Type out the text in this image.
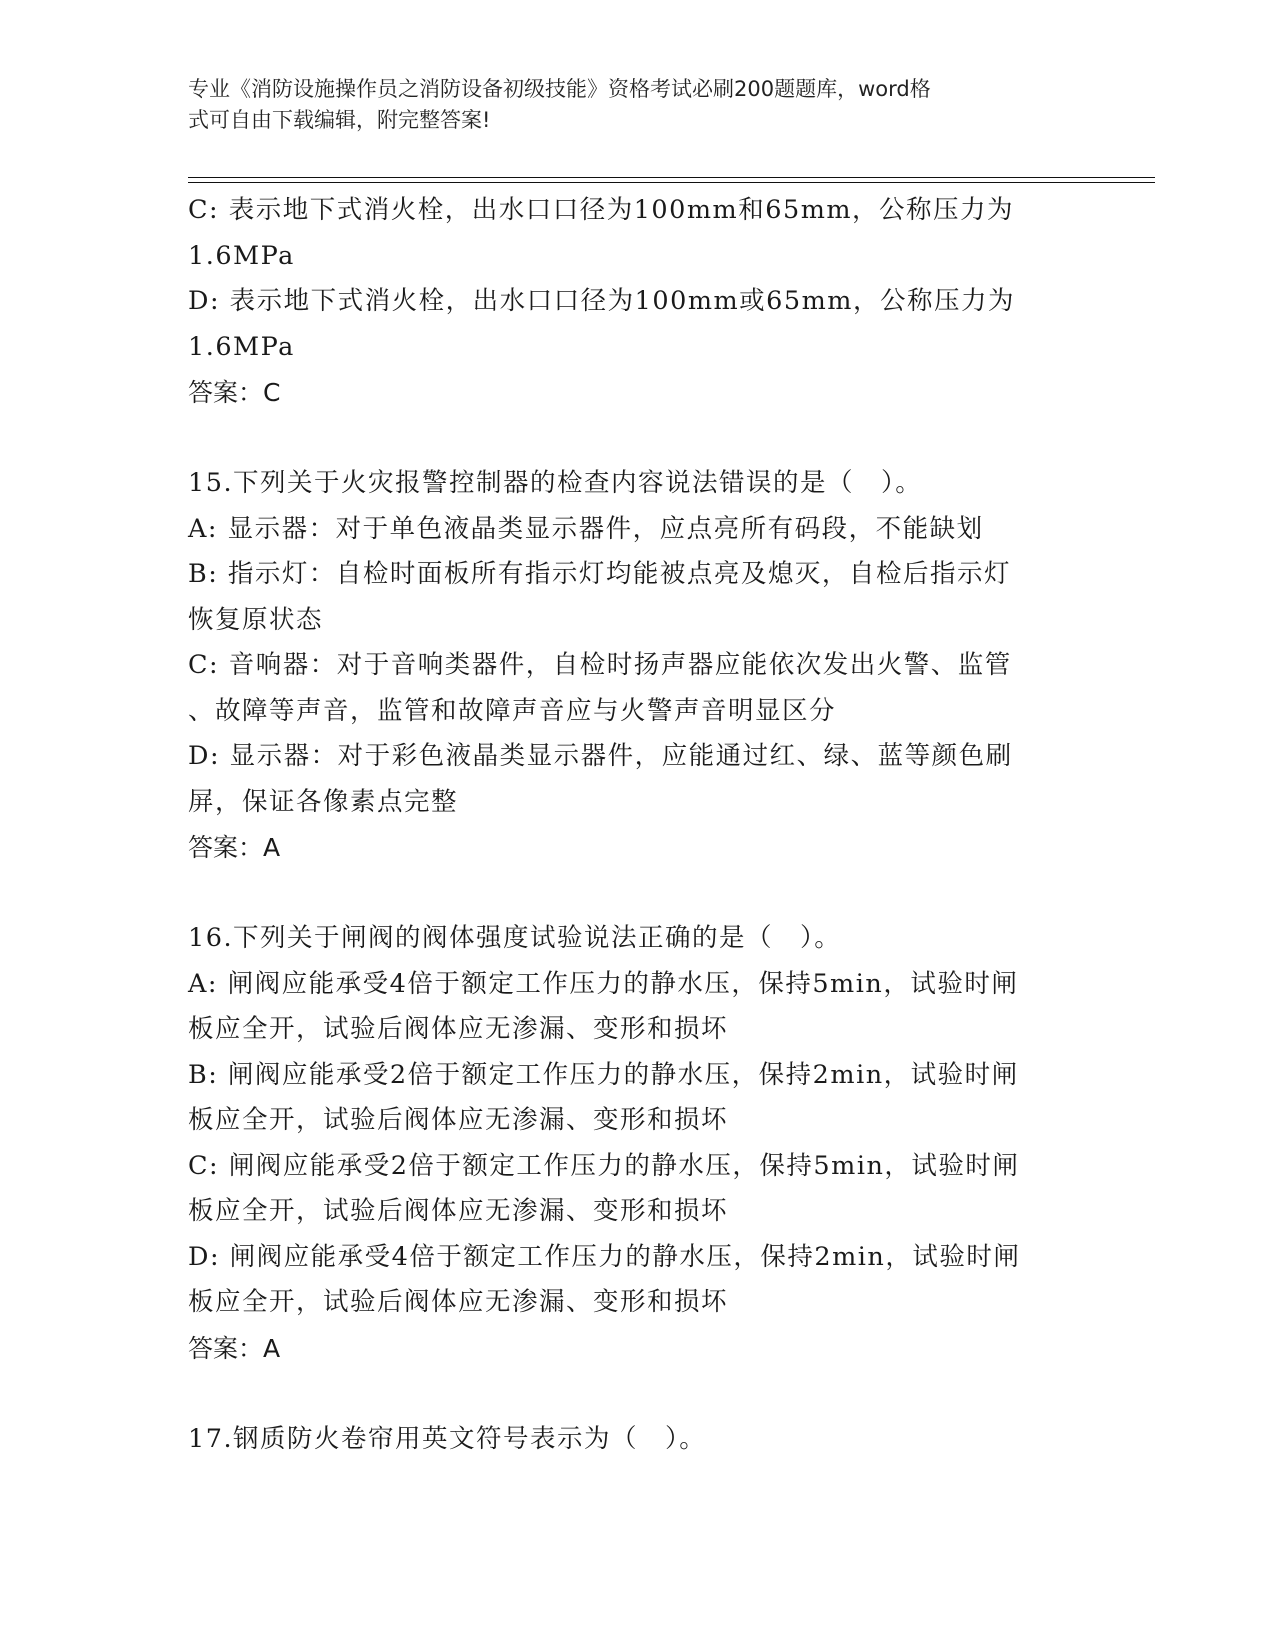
专业《消防设施操作员之消防设备初级技能》资格考试必刷200题题库，word格
式可自由下载编辑，附完整答案!

C: 表示地下式消火栓，出水口口径为100mm和65mm，公称压力为

1.6MPa

D: 表示地下式消火栓，出水口口径为100mm或65mm，公称压力为

1.6MPa

答案：C

15.下列关于火灾报警控制器的检查内容说法错误的是（　）。

A: 显示器：对于单色液晶类显示器件，应点亮所有码段，不能缺划

B: 指示灯：自检时面板所有指示灯均能被点亮及熄灭，自检后指示灯

恢复原状态

C: 音响器：对于音响类器件，自检时扬声器应能依次发出火警、监管

、故障等声音，监管和故障声音应与火警声音明显区分

D: 显示器：对于彩色液晶类显示器件，应能通过红、绿、蓝等颜色刷

屏，保证各像素点完整

答案：A

16.下列关于闸阀的阀体强度试验说法正确的是（　）。

A: 闸阀应能承受4倍于额定工作压力的静水压，保持5min，试验时闸

板应全开，试验后阀体应无渗漏、变形和损坏

B: 闸阀应能承受2倍于额定工作压力的静水压，保持2min，试验时闸

板应全开，试验后阀体应无渗漏、变形和损坏

C: 闸阀应能承受2倍于额定工作压力的静水压，保持5min，试验时闸

板应全开，试验后阀体应无渗漏、变形和损坏

D: 闸阀应能承受4倍于额定工作压力的静水压，保持2min，试验时闸

板应全开，试验后阀体应无渗漏、变形和损坏

答案：A

17.钢质防火卷帘用英文符号表示为（　）。
